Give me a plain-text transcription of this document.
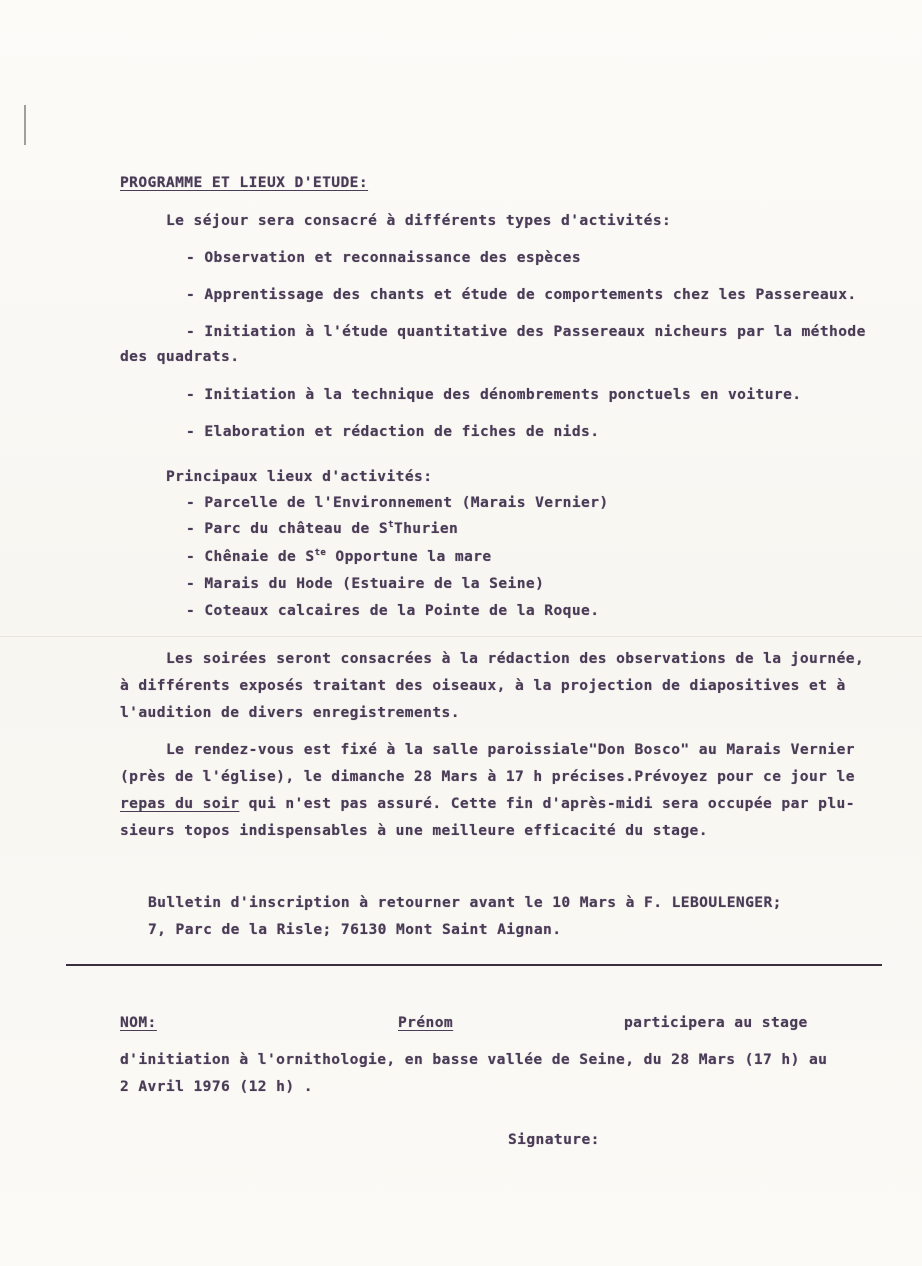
PROGRAMME ET LIEUX D'ETUDE:
Le séjour sera consacré à différents types d'activités:
- Observation et reconnaissance des espèces
- Apprentissage des chants et étude de comportements chez les Passereaux.
- Initiation à l'étude quantitative des Passereaux nicheurs par la méthode
des quadrats.
- Initiation à la technique des dénombrements ponctuels en voiture.
- Elaboration et rédaction de fiches de nids.
Principaux lieux d'activités:
- Parcelle de l'Environnement (Marais Vernier)
- Parc du château de $S^tThurien$
- Chênaie de $S^{te}$ Opportune la mare
- Marais du Hode (Estuaire de la Seine)
- Coteaux calcaires de la Pointe de la Roque.
Les soirées seront consacrées à la rédaction des observations de la journée,
à différents exposés traitant des oiseaux, à la projection de diapositives et à
l'audition de divers enregistrements.
Le rendez-vous est fixé à la salle paroissiale"Don Bosco" au Marais Vernier
(près de l'église), le dimanche 28 Mars à 17 h précises.Prévoyez pour ce jour le
repas du soir qui n'est pas assuré. Cette fin d'après-midi sera occupée par plu-
sieurs topos indispensables à une meilleure efficacité du stage.
Bulletin d'inscription à retourner avant le 10 Mars à F. LEBOULENGER;
7, Parc de la Risle; 76130 Mont Saint Aignan.
NOM:	Prénom	participera au stage
d'initiation à l'ornithologie, en basse vallée de Seine, du 28 Mars (17 h) au
2 Avril 1976 (12 h) .
Signature:
